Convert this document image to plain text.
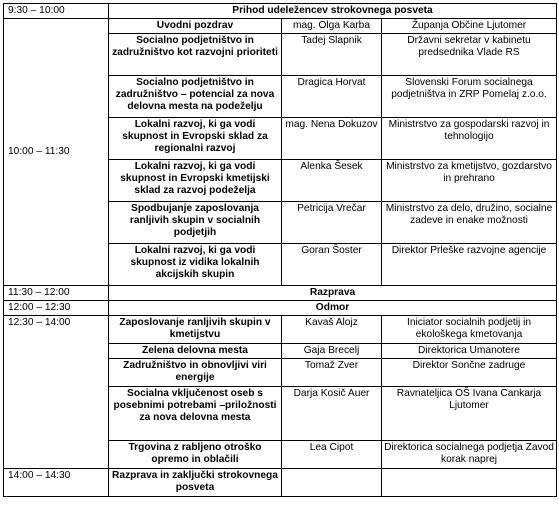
9:30 – 10:00	Prihod udeležencev strokovnega posveta		
10:00 – 11:30	Uvodni pozdrav	mag. Olga Karba	Županja Občine Ljutomer
	Socialno podjetništvo in zadružništvo kot razvojni prioriteti	Tadej Slapnik	Državni sekretar v kabinetu predsednika Vlade RS
	Socialno podjetništvo in zadružništvo – potencial za nova delovna mesta na podeželju	Dragica Horvat	Slovenski Forum socialnega podjetništva in ZRP Pomelaj z.o.o.
	Lokalni razvoj, ki ga vodi skupnost in Evropski sklad za regionalni razvoj	mag. Nena Dokuzov	Ministrstvo za gospodarski razvoj in tehnologijo
	Lokalni razvoj, ki ga vodi skupnost in Evropski kmetijski sklad za razvoj podeželja	Alenka Šesek	Ministrstvo za kmetijstvo, gozdarstvo in prehrano
	Spodbujanje zaposlovanja ranljivih skupin v socialnih podjetjih	Petricija Vrečar	Ministrstvo za delo, družino, socialne zadeve in enake možnosti
	Lokalni razvoj, ki ga vodi skupnost iz vidika lokalnih akcijskih skupin	Goran Šoster	Direktor Prleške razvojne agencije
11:30 – 12:00	Razprava		
12:00 – 12:30	Odmor		
12:30 – 14:00	Zaposlovanje ranljivih skupin v kmetijstvu	Kavaš Alojz	Iniciator socialnih podjetij in ekološkega kmetovanja
	Zelena delovna mesta	Gaja Brecelj	Direktorica Umanotere
	Zadružništvo in obnovljivi viri energije	Tomaž Zver	Direktor Sončne zadruge
	Socialna vključenost oseb s posebnimi potrebami –priložnosti za nova delovna mesta	Darja Kosič Auer	Ravnateljica OŠ Ivana Cankarja Ljutomer
	Trgovina z rabljeno otroško opremo in oblačili	Lea Cipot	Direktorica socialnega podjetja Zavod korak naprej
14:00 – 14:30	Razprava in zaključki strokovnega posveta		
